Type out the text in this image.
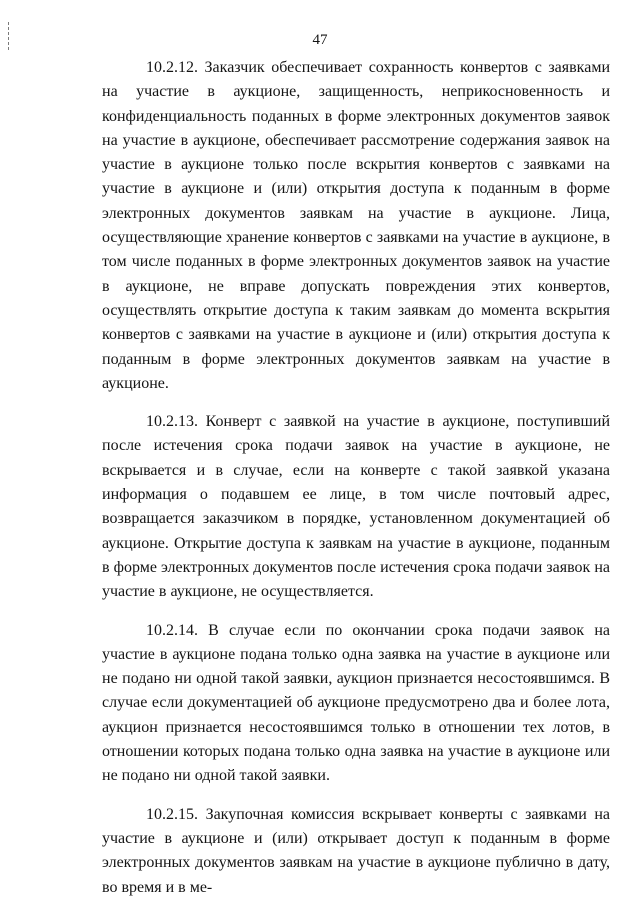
47

10.2.12. Заказчик обеспечивает сохранность конвертов с заявками на участие в аукционе, защищенность, неприкосновенность и конфиденциальность поданных в форме электронных документов заявок на участие в аукционе, обеспечивает рассмотрение содержания заявок на участие в аукционе только после вскрытия конвертов с заявками на участие в аукционе и (или) открытия доступа к поданным в форме электронных документов заявкам на участие в аукционе. Лица, осуществляющие хранение конвертов с заявками на участие в аукционе, в том числе поданных в форме электронных документов заявок на участие в аукционе, не вправе допускать повреждения этих конвертов, осуществлять открытие доступа к таким заявкам до момента вскрытия конвертов с заявками на участие в аукционе и (или) открытия доступа к поданным в форме электронных документов заявкам на участие в аукционе.

10.2.13. Конверт с заявкой на участие в аукционе, поступивший после истечения срока подачи заявок на участие в аукционе, не вскрывается и в случае, если на конверте с такой заявкой указана информация о подавшем ее лице, в том числе почтовый адрес, возвращается заказчиком в порядке, установленном документацией об аукционе. Открытие доступа к заявкам на участие в аукционе, поданным в форме электронных документов после истечения срока подачи заявок на участие в аукционе, не осуществляется.

10.2.14. В случае если по окончании срока подачи заявок на участие в аукционе подана только одна заявка на участие в аукционе или не подано ни одной такой заявки, аукцион признается несостоявшимся. В случае если документацией об аукционе предусмотрено два и более лота, аукцион признается несостоявшимся только в отношении тех лотов, в отношении которых подана только одна заявка на участие в аукционе или не подано ни одной такой заявки.

10.2.15. Закупочная комиссия вскрывает конверты с заявками на участие в аукционе и (или) открывает доступ к поданным в форме электронных документов заявкам на участие в аукционе публично в дату, во время и в ме-
